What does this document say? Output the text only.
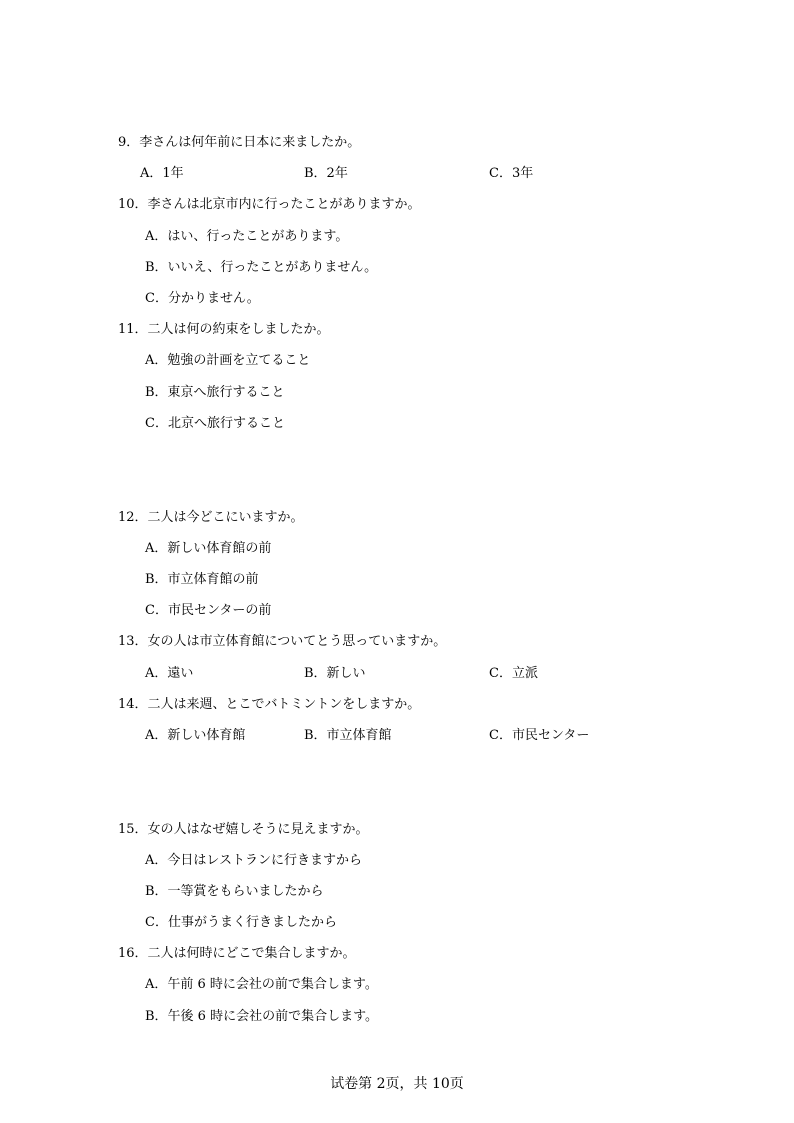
9．李さんは何年前に日本に来ましたか。
A．1年	B．2年	C．3年
10．李さんは北京市内に行ったことがありますか。
A．はい、行ったことがあります。
B．いいえ、行ったことがありません。
C．分かりません。
11．二人は何の約束をしましたか。
A．勉強の計画を立てること
B．東京へ旅行すること
C．北京へ旅行すること
12．二人は今どこにいますか。
A．新しい体育館の前
B．市立体育館の前
C．市民センターの前
13．女の人は市立体育館についてとう思っていますか。
A．遠い	B．新しい	C．立派
14．二人は来週、とこでバトミントンをしますか。
A．新しい体育館	B．市立体育館	C．市民センター
15．女の人はなぜ嬉しそうに見えますか。
A．今日はレストランに行きますから
B．一等賞をもらいましたから
C．仕事がうまく行きましたから
16．二人は何時にどこで集合しますか。
A．午前 6 時に会社の前で集合します。
B．午後 6 時に会社の前で集合します。
试卷第 2页，共 10页
